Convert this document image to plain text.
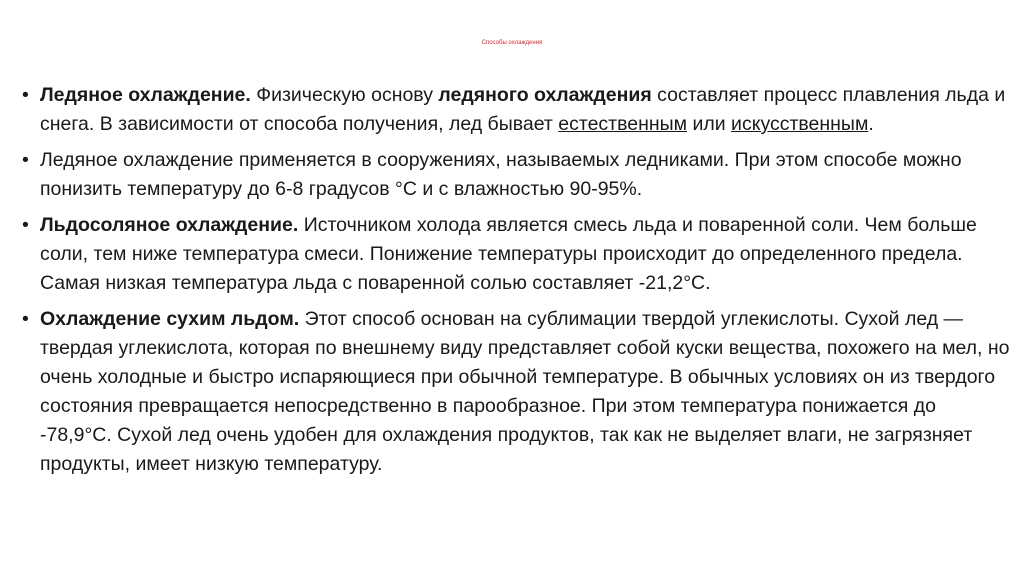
Способы охлаждения
• Ледяное охлаждение. Физическую основу ледяного охлаждения составляет процесс плавления льда и снега. В зависимости от способа получения, лед бывает естественным или искусственным.
• Ледяное охлаждение применяется в сооружениях, называемых ледниками. При этом способе можно понизить температуру до 6-8 градусов °С и с влажностью 90-95%.
• Льдосоляное охлаждение. Источником холода является смесь льда и поваренной соли. Чем больше соли, тем ниже температура смеси. Понижение температуры происходит до определенного предела. Самая низкая температура льда с поваренной солью составляет -21,2°С.
• Охлаждение сухим льдом. Этот способ основан на сублимации твердой углекислоты. Сухой лед — твердая углекислота, которая по внешнему виду представляет собой куски вещества, похожего на мел, но очень холодные и быстро испаряющиеся при обычной температуре. В обычных условиях он из твердого состояния превращается непосредственно в парообразное. При этом температура понижается до -78,9°С. Сухой лед очень удобен для охлаждения продуктов, так как не выделяет влаги, не загрязняет продукты, имеет низкую температуру.
